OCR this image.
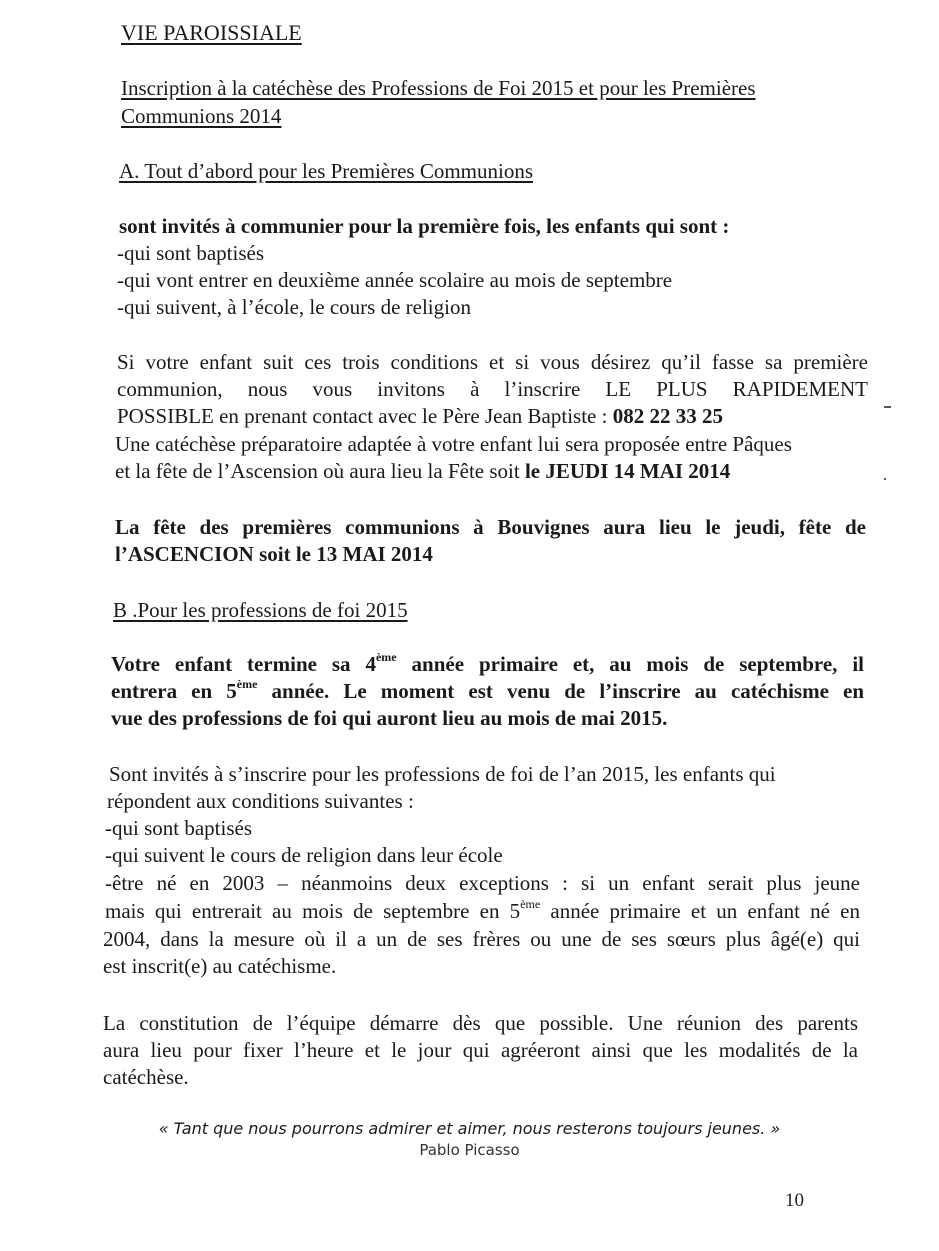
VIE PAROISSIALE
Inscription à la catéchèse des Professions de Foi 2015 et pour les Premières
Communions 2014
A. Tout d’abord pour les Premières Communions
sont invités à communier pour la première fois, les enfants qui sont :
-qui sont baptisés
-qui vont entrer en deuxième année scolaire au mois de septembre
-qui suivent, à l’école, le cours de religion
Si votre enfant suit ces trois conditions et si vous désirez qu’il fasse sa première
communion, nous vous invitons à l’inscrire LE PLUS RAPIDEMENT
POSSIBLE en prenant contact avec le Père Jean Baptiste : 082 22 33 25
Une catéchèse préparatoire adaptée à votre enfant lui sera proposée entre Pâques
et la fête de l’Ascension où aura lieu la Fête soit le JEUDI 14 MAI 2014
La fête des premières communions à Bouvignes aura lieu le jeudi, fête de
l’ASCENCION soit le 13 MAI 2014
B .Pour les professions de foi 2015
Votre enfant termine sa 4ème année primaire et, au mois de septembre, il
entrera en 5ème année. Le moment est venu de l’inscrire au catéchisme en
vue des professions de foi qui auront lieu au mois de mai 2015.
Sont invités à s’inscrire pour les professions de foi de l’an 2015, les enfants qui
répondent aux conditions suivantes :
-qui sont baptisés
-qui suivent le cours de religion dans leur école
-être né en 2003 – néanmoins deux exceptions : si un enfant serait plus jeune
mais qui entrerait au mois de septembre en 5ème année primaire et un enfant né en
2004, dans la mesure où il a un de ses frères ou une de ses sœurs plus âgé(e) qui
est inscrit(e) au catéchisme.
La constitution de l’équipe démarre dès que possible. Une réunion des parents
aura lieu pour fixer l’heure et le jour qui agréeront ainsi que les modalités de la
catéchèse.
« Tant que nous pourrons admirer et aimer, nous resterons toujours jeunes. »
Pablo Picasso
10
